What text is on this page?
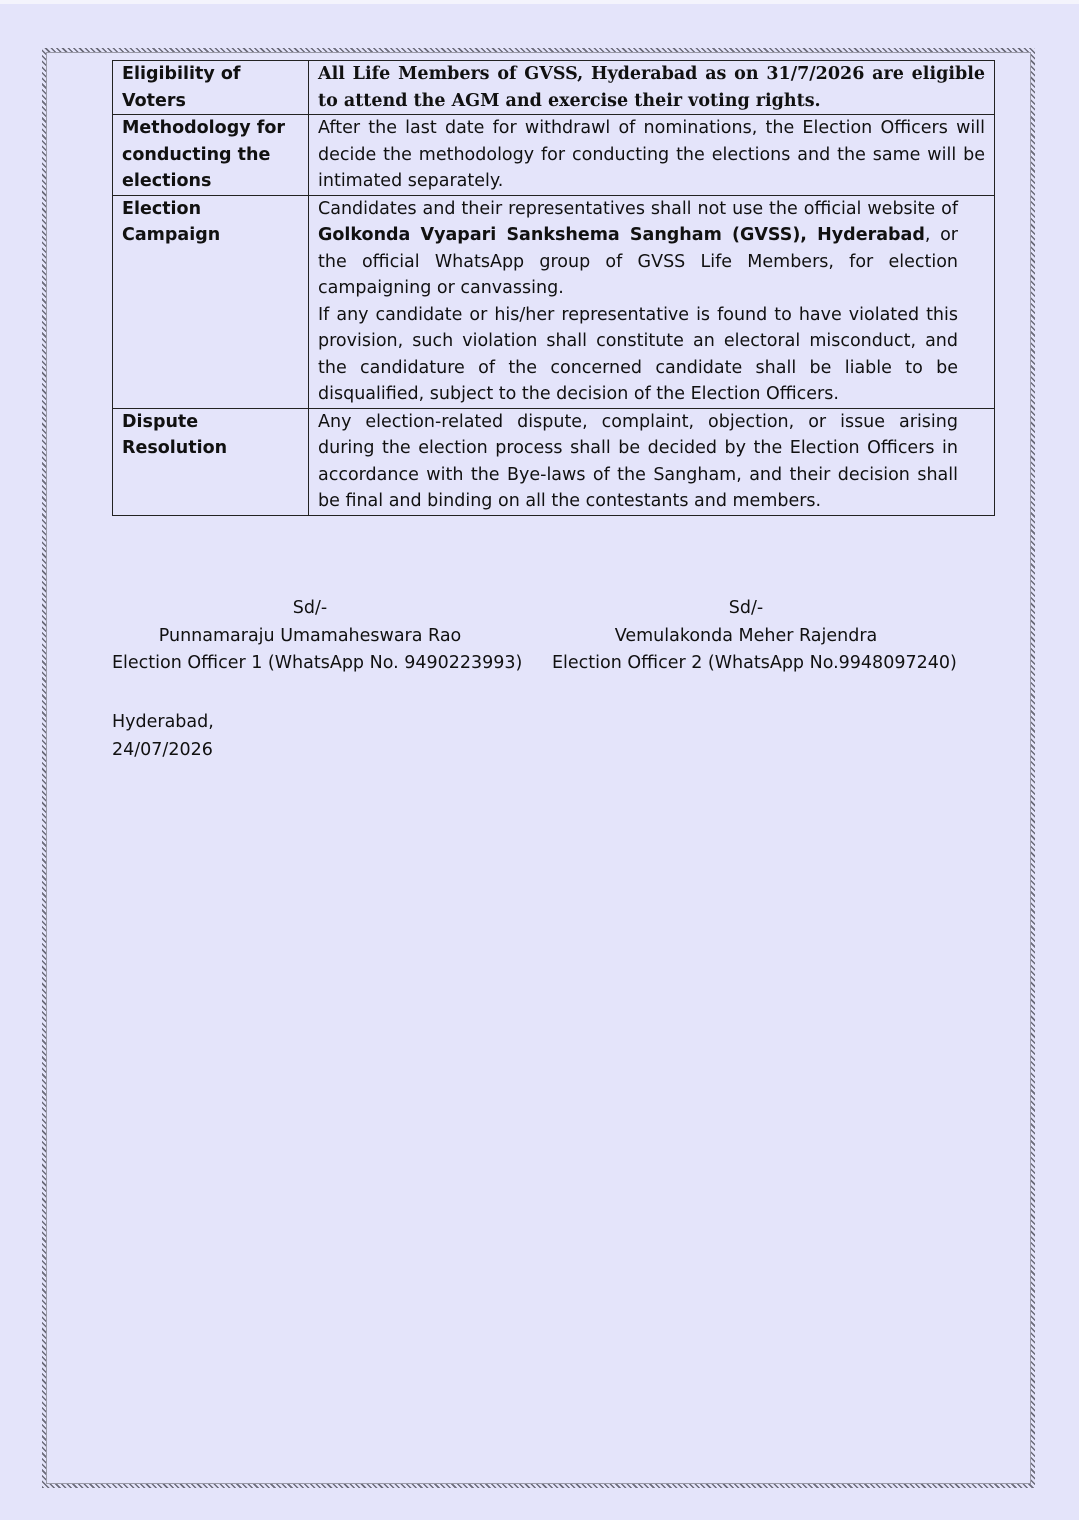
Eligibility of Voters	All Life Members of GVSS, Hyderabad as on 31/7/2026 are eligible to attend the AGM and exercise their voting rights.
Methodology for conducting the elections	After the last date for withdrawl of nominations, the Election Officers will decide the methodology for conducting the elections and the same will be intimated separately.
Election Campaign	Candidates and their representatives shall not use the official website of Golkonda Vyapari Sankshema Sangham (GVSS), Hyderabad, or the official WhatsApp group of GVSS Life Members, for election campaigning or canvassing.
If any candidate or his/her representative is found to have violated this provision, such violation shall constitute an electoral misconduct, and the candidature of the concerned candidate shall be liable to be disqualified, subject to the decision of the Election Officers.

Dispute Resolution	Any election-related dispute, complaint, objection, or issue arising during the election process shall be decided by the Election Officers in accordance with the Bye-laws of the Sangham, and their decision shall be final and binding on all the contestants and members.
Sd/-
Punnamaraju Umamaheswara Rao
Election Officer 1 (WhatsApp No. 9490223993)
Sd/-
Vemulakonda Meher Rajendra
Election Officer 2 (WhatsApp No.9948097240)
Hyderabad,
24/07/2026
